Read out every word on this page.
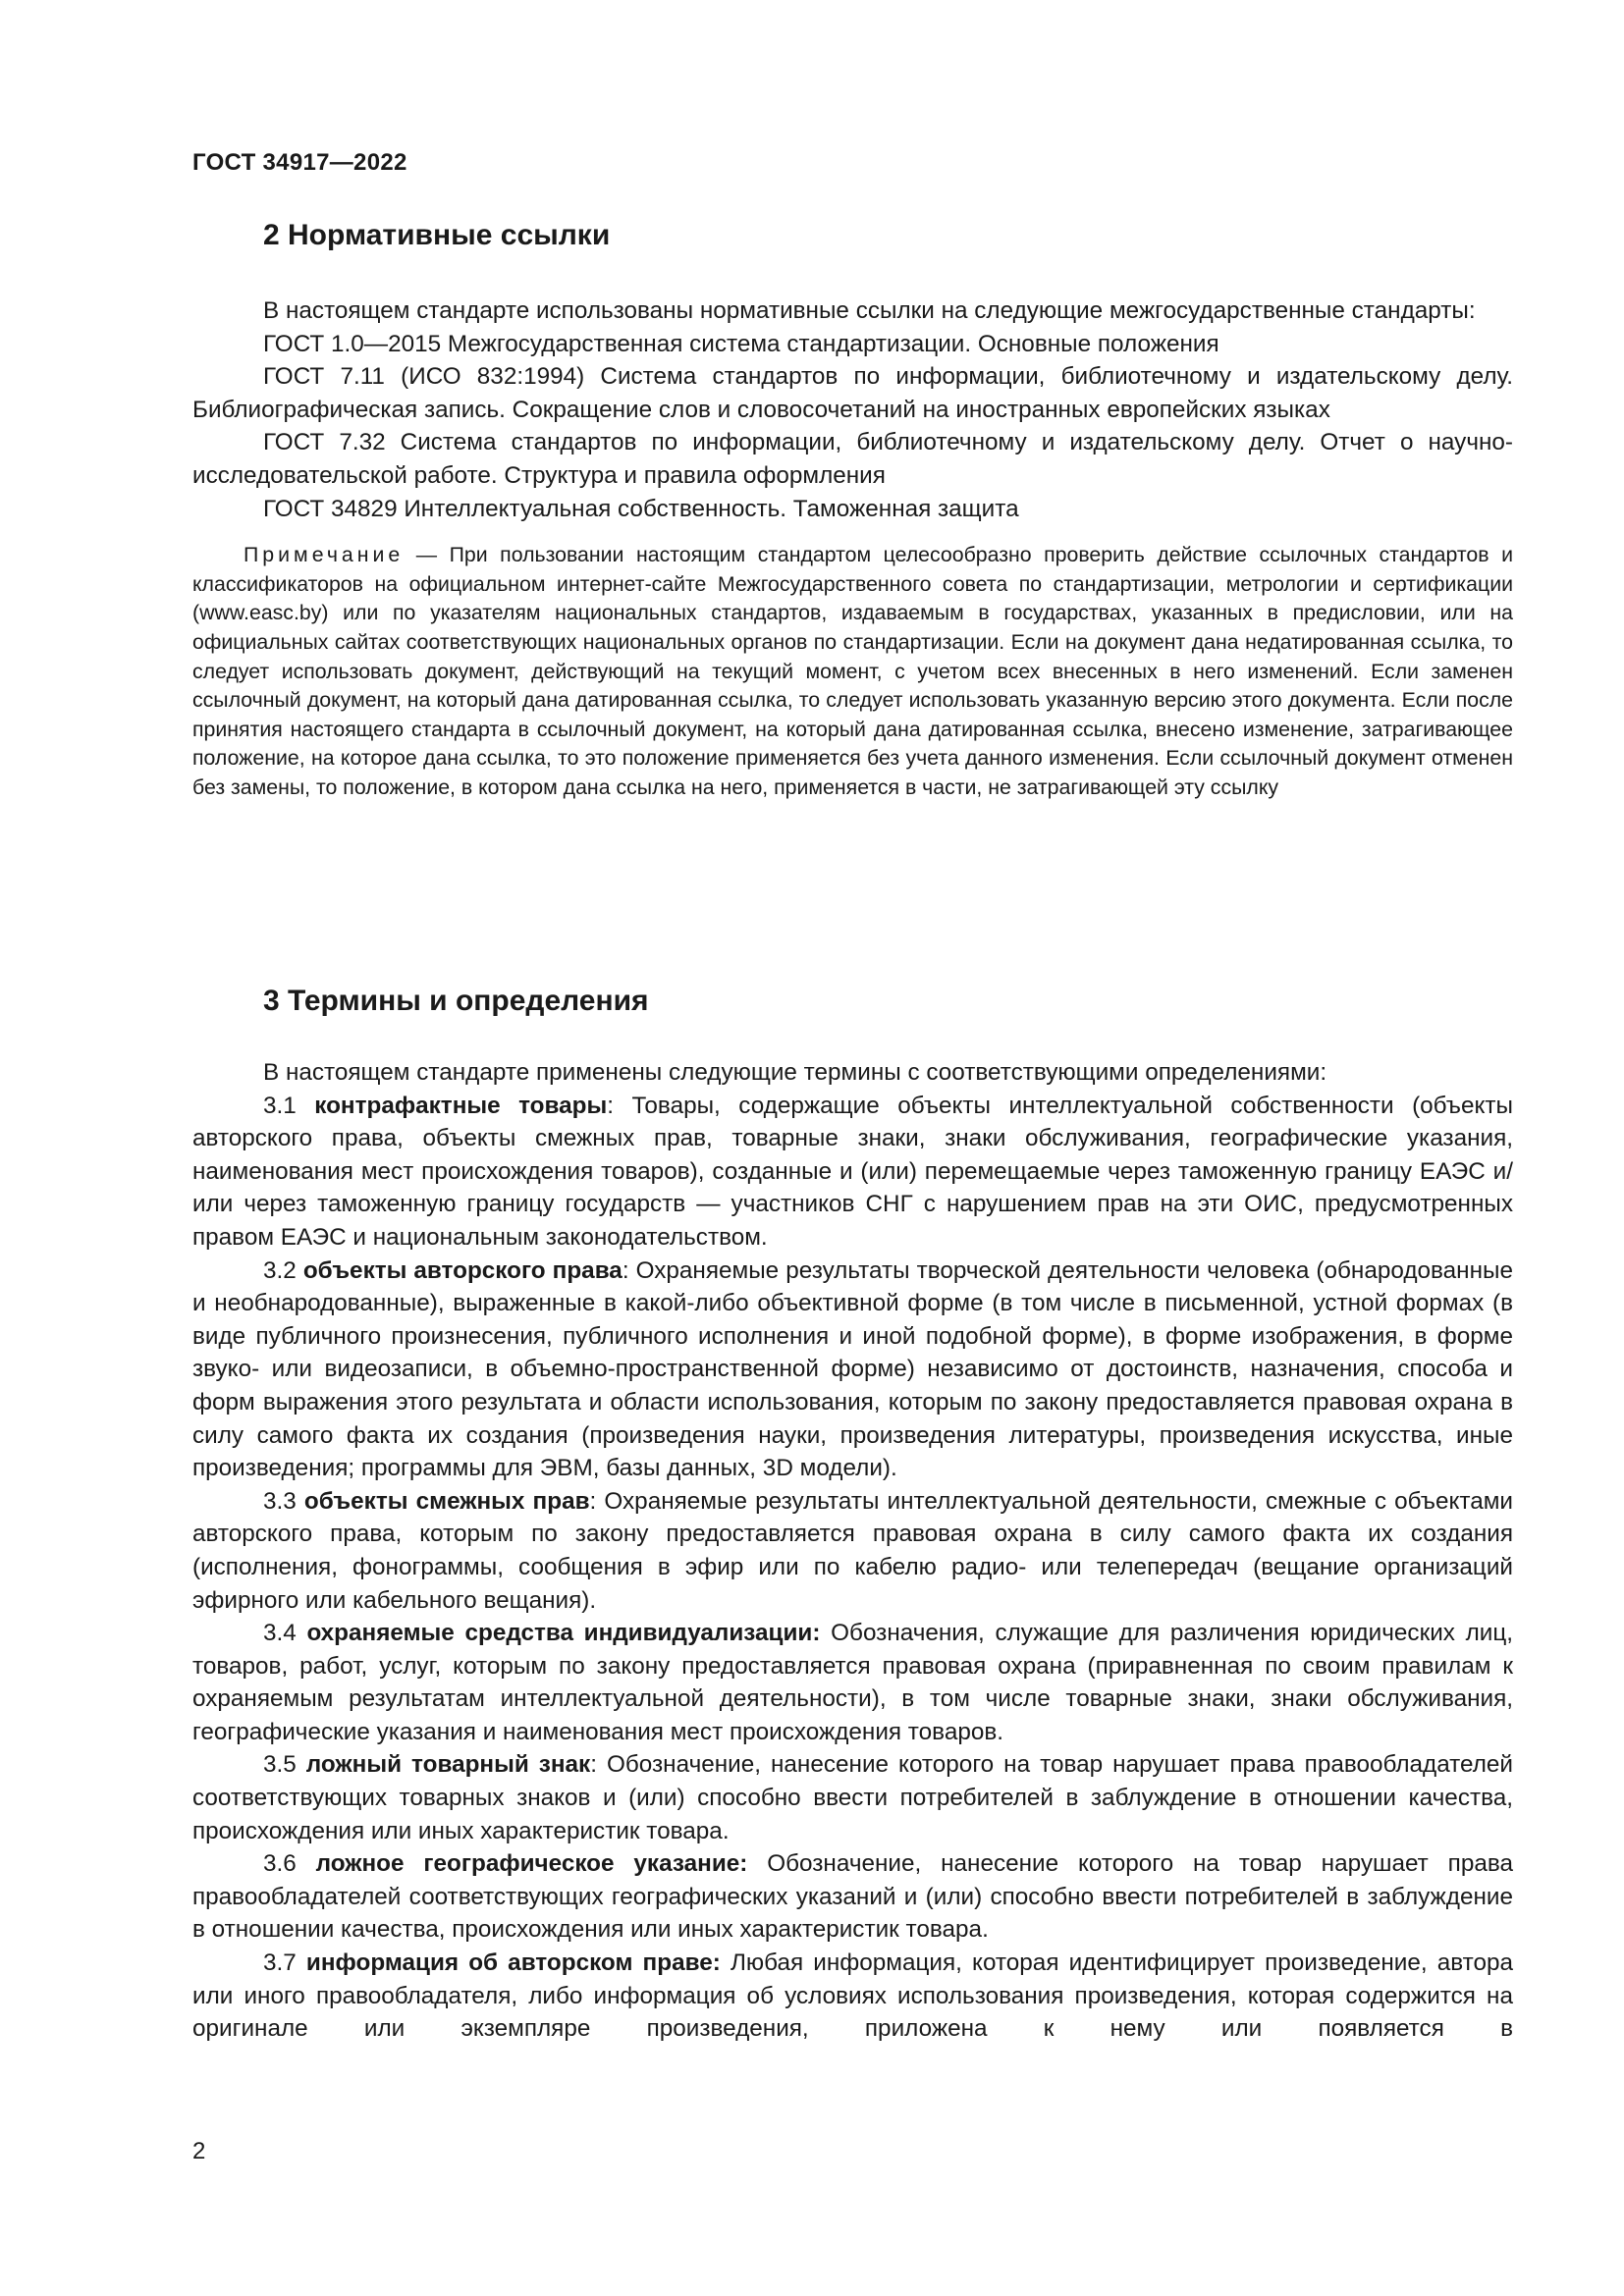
ГОСТ 34917—2022
2 Нормативные ссылки

В настоящем стандарте использованы нормативные ссылки на следующие межгосударственные стандарты:

ГОСТ 1.0—2015 Межгосударственная система стандартизации. Основные положения

ГОСТ 7.11 (ИСО 832:1994) Система стандартов по информации, библиотечному и издательскому делу. Библиографическая запись. Сокращение слов и словосочетаний на иностранных европейских языках

ГОСТ 7.32 Система стандартов по информации, библиотечному и издательскому делу. Отчет о научно-исследовательской работе. Структура и правила оформления

ГОСТ 34829 Интеллектуальная собственность. Таможенная защита

Примечание — При пользовании настоящим стандартом целесообразно проверить действие ссылочных стандартов и классификаторов на официальном интернет-сайте Межгосударственного совета по стандартизации, метрологии и сертификации (www.easc.by) или по указателям национальных стандартов, издаваемым в государствах, указанных в предисловии, или на официальных сайтах соответствующих национальных органов по стандартизации. Если на документ дана недатированная ссылка, то следует использовать документ, действующий на текущий момент, с учетом всех внесенных в него изменений. Если заменен ссылочный документ, на который дана датированная ссылка, то следует использовать указанную версию этого документа. Если после принятия настоящего стандарта в ссылочный документ, на который дана датированная ссылка, внесено изменение, затрагивающее положение, на которое дана ссылка, то это положение применяется без учета данного изменения. Если ссылочный документ отменен без замены, то положение, в котором дана ссылка на него, применяется в части, не затрагивающей эту ссылку

3 Термины и определения

В настоящем стандарте применены следующие термины с соответствующими определениями:

3.1 контрафактные товары: Товары, содержащие объекты интеллектуальной собственности (объекты авторского права, объекты смежных прав, товарные знаки, знаки обслуживания, географические указания, наименования мест происхождения товаров), созданные и (или) перемещаемые через таможенную границу ЕАЭС и/или через таможенную границу государств — участников СНГ с нарушением прав на эти ОИС, предусмотренных правом ЕАЭС и национальным законодательством.

3.2 объекты авторского права: Охраняемые результаты творческой деятельности человека (обнародованные и необнародованные), выраженные в какой-либо объективной форме (в том числе в письменной, устной формах (в виде публичного произнесения, публичного исполнения и иной подобной форме), в форме изображения, в форме звуко- или видеозаписи, в объемно-пространственной форме) независимо от достоинств, назначения, способа и форм выражения этого результата и области использования, которым по закону предоставляется правовая охрана в силу самого факта их создания (произведения науки, произведения литературы, произведения искусства, иные произведения; программы для ЭВМ, базы данных, 3D модели).

3.3 объекты смежных прав: Охраняемые результаты интеллектуальной деятельности, смежные с объектами авторского права, которым по закону предоставляется правовая охрана в силу самого факта их создания (исполнения, фонограммы, сообщения в эфир или по кабелю радио- или телепередач (вещание организаций эфирного или кабельного вещания).

3.4 охраняемые средства индивидуализации: Обозначения, служащие для различения юридических лиц, товаров, работ, услуг, которым по закону предоставляется правовая охрана (приравненная по своим правилам к охраняемым результатам интеллектуальной деятельности), в том числе товарные знаки, знаки обслуживания, географические указания и наименования мест происхождения товаров.

3.5 ложный товарный знак: Обозначение, нанесение которого на товар нарушает права правообладателей соответствующих товарных знаков и (или) способно ввести потребителей в заблуждение в отношении качества, происхождения или иных характеристик товара.

3.6 ложное географическое указание: Обозначение, нанесение которого на товар нарушает права правообладателей соответствующих географических указаний и (или) способно ввести потребителей в заблуждение в отношении качества, происхождения или иных характеристик товара.

3.7 информация об авторском праве: Любая информация, которая идентифицирует произведение, автора или иного правообладателя, либо информация об условиях использования произведения, которая содержится на оригинале или экземпляре произведения, приложена к нему или появляется в

2
